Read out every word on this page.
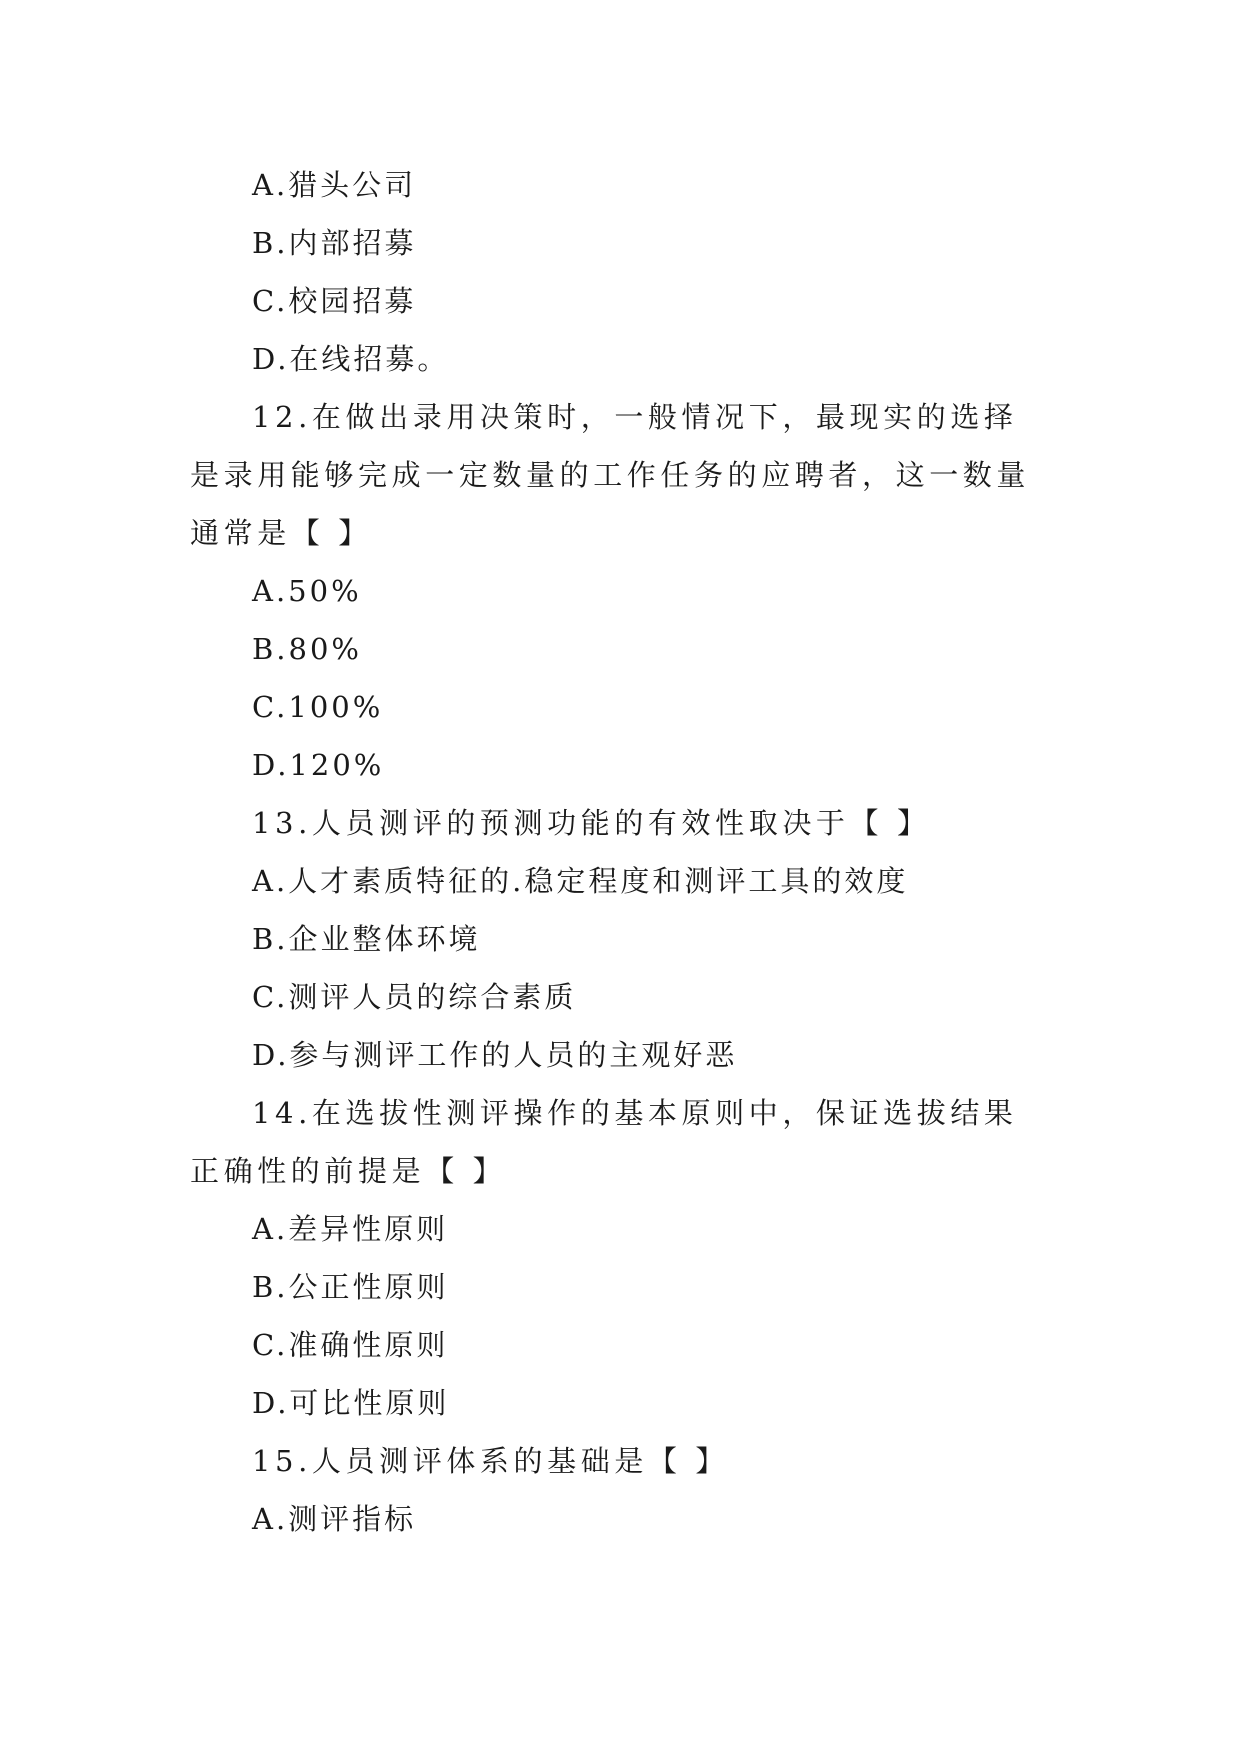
A.猎头公司
B.内部招募
C.校园招募
D.在线招募。
12.在做出录用决策时，一般情况下，最现实的选择是录用能够完成一定数量的工作任务的应聘者，这一数量通常是【 】
A.50%
B.80%
C.100%
D.120%
13.人员测评的预测功能的有效性取决于【 】
A.人才素质特征的.稳定程度和测评工具的效度
B.企业整体环境
C.测评人员的综合素质
D.参与测评工作的人员的主观好恶
14.在选拔性测评操作的基本原则中，保证选拔结果正确性的前提是【 】
A.差异性原则
B.公正性原则
C.准确性原则
D.可比性原则
15.人员测评体系的基础是【 】
A.测评指标
